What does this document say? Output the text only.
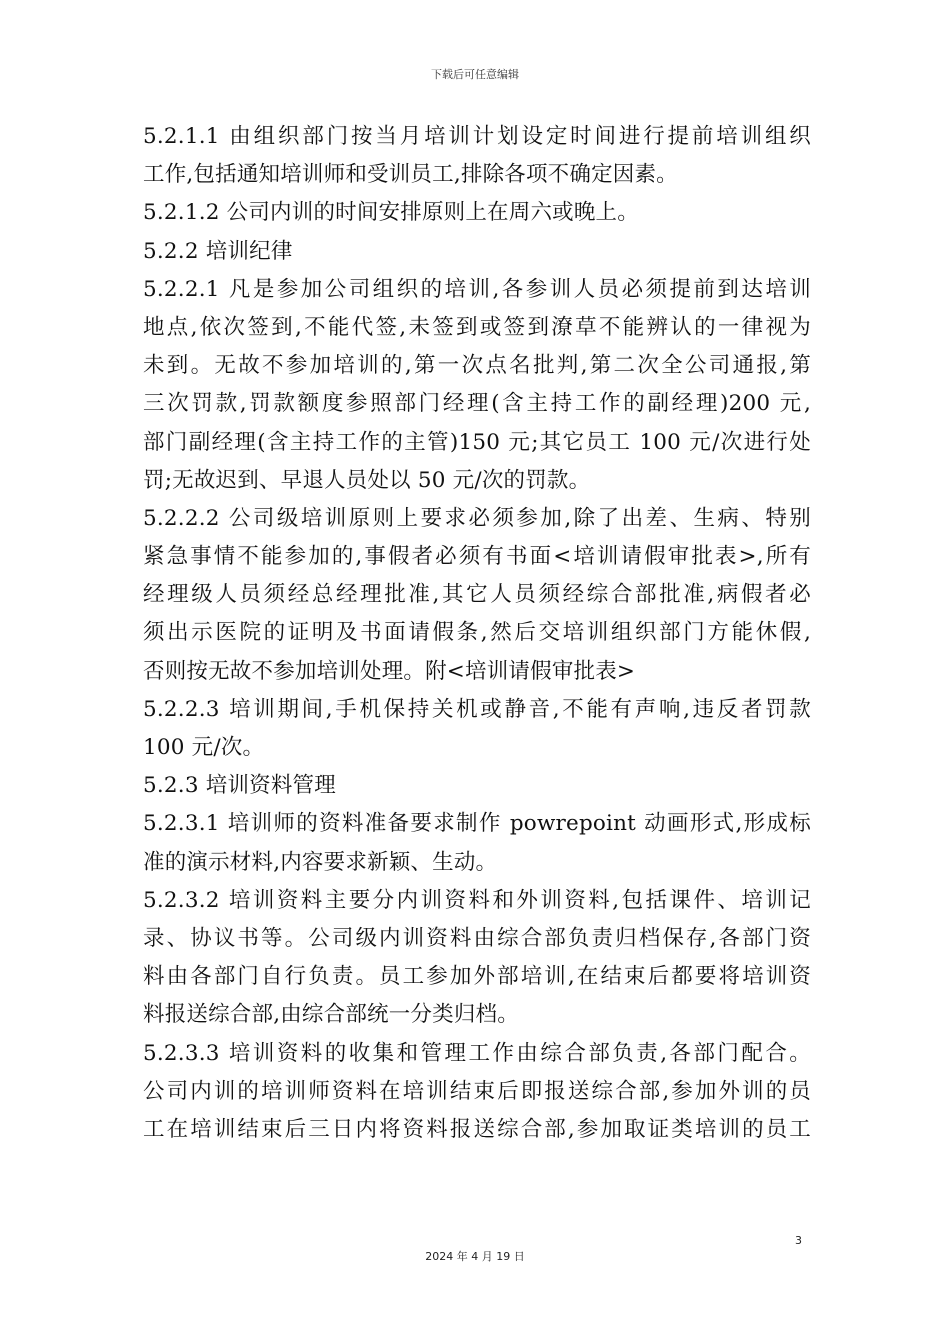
下载后可任意编辑
5.2.1.1 由组织部门按当月培训计划设定时间进行提前培训组织
工作,包括通知培训师和受训员工,排除各项不确定因素。
5.2.1.2 公司内训的时间安排原则上在周六或晚上。
5.2.2 培训纪律
5.2.2.1 凡是参加公司组织的培训,各参训人员必须提前到达培训
地点,依次签到,不能代签,未签到或签到潦草不能辨认的一律视为
未到。无故不参加培训的,第一次点名批判,第二次全公司通报,第
三次罚款,罚款额度参照部门经理(含主持工作的副经理)200 元,
部门副经理(含主持工作的主管)150 元;其它员工 100 元/次进行处
罚;无故迟到、早退人员处以 50 元/次的罚款。
5.2.2.2 公司级培训原则上要求必须参加,除了出差、生病、特别
紧急事情不能参加的,事假者必须有书面<培训请假审批表>,所有
经理级人员须经总经理批准,其它人员须经综合部批准,病假者必
须出示医院的证明及书面请假条,然后交培训组织部门方能休假,
否则按无故不参加培训处理。附<培训请假审批表>
5.2.2.3 培训期间,手机保持关机或静音,不能有声响,违反者罚款
100 元/次。
5.2.3 培训资料管理
5.2.3.1 培训师的资料准备要求制作 powrepoint 动画形式,形成标
准的演示材料,内容要求新颖、生动。
5.2.3.2 培训资料主要分内训资料和外训资料,包括课件、培训记
录、协议书等。公司级内训资料由综合部负责归档保存,各部门资
料由各部门自行负责。员工参加外部培训,在结束后都要将培训资
料报送综合部,由综合部统一分类归档。
5.2.3.3 培训资料的收集和管理工作由综合部负责,各部门配合。
公司内训的培训师资料在培训结束后即报送综合部,参加外训的员
工在培训结束后三日内将资料报送综合部,参加取证类培训的员工
3
2024 年 4 月 19 日
